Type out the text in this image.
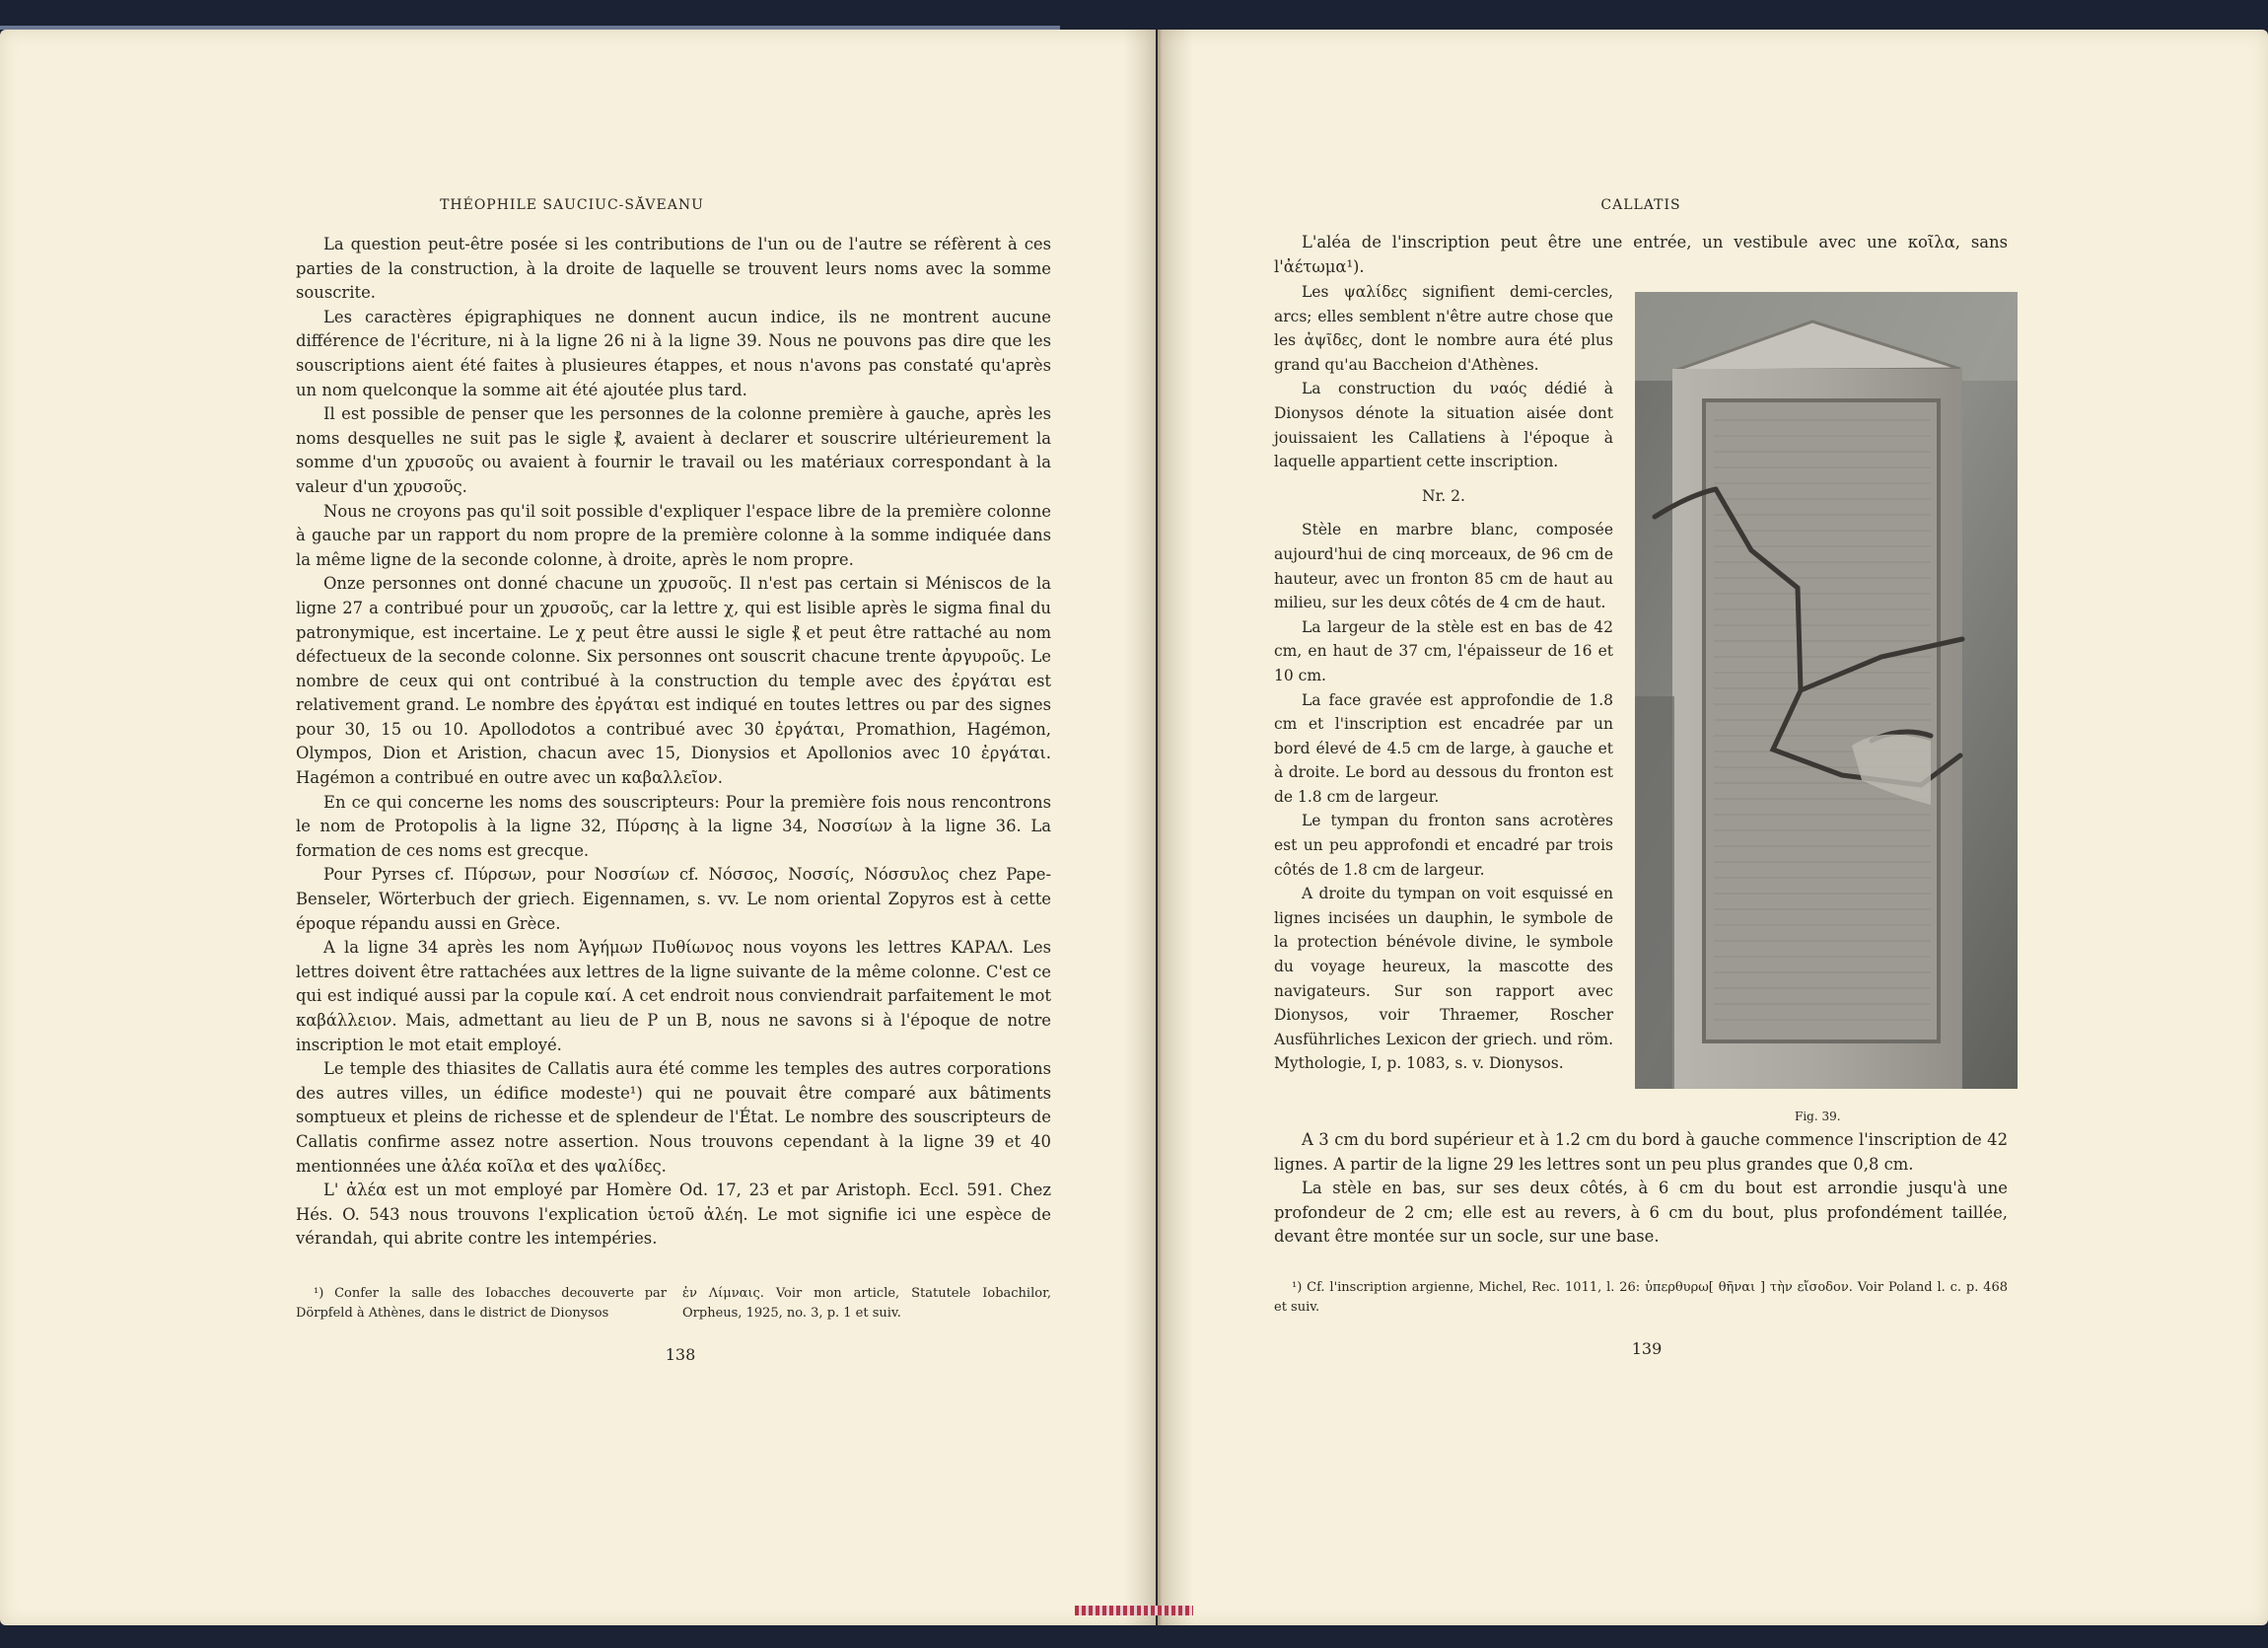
THÉOPHILE SAUCIUC-SĂVEANU

La question peut-être posée si les contributions de l'un ou de l'autre se réfèrent à ces parties de la construction, à la droite de laquelle se trouvent leurs noms avec la somme souscrite.

Les caractères épigraphiques ne donnent aucun indice, ils ne montrent aucune différence de l'écriture, ni à la ligne 26 ni à la ligne 39. Nous ne pouvons pas dire que les souscriptions aient été faites à plusieures étappes, et nous n'avons pas constaté qu'après un nom quelconque la somme ait été ajoutée plus tard.

Il est possible de penser que les personnes de la colonne première à gauche, après les noms desquelles ne suit pas le sigle ⳩, avaient à declarer et souscrire ultérieurement la somme d'un χρυσοῦς ou avaient à fournir le travail ou les matériaux correspondant à la valeur d'un χρυσοῦς.

Nous ne croyons pas qu'il soit possible d'expliquer l'espace libre de la première colonne à gauche par un rapport du nom propre de la première colonne à la somme indiquée dans la même ligne de la seconde colonne, à droite, après le nom propre.

Onze personnes ont donné chacune un χρυσοῦς. Il n'est pas certain si Méniscos de la ligne 27 a contribué pour un χρυσοῦς, car la lettre χ, qui est lisible après le sigma final du patronymique, est incertaine. Le χ peut être aussi le sigle ⳩ et peut être rattaché au nom défectueux de la seconde colonne. Six personnes ont souscrit chacune trente ἀργυροῦς. Le nombre de ceux qui ont contribué à la construction du temple avec des ἐργάται est relativement grand. Le nombre des ἐργάται est indiqué en toutes lettres ou par des signes pour 30, 15 ou 10. Apollodotos a contribué avec 30 ἐργάται, Promathion, Hagémon, Olympos, Dion et Aristion, chacun avec 15, Dionysios et Apollonios avec 10 ἐργάται. Hagémon a contribué en outre avec un καβαλλεῖον.

En ce qui concerne les noms des souscripteurs: Pour la première fois nous rencontrons le nom de Protopolis à la ligne 32, Πύρσης à la ligne 34, Νοσσίων à la ligne 36. La formation de ces noms est grecque.

Pour Pyrses cf. Πύρσων, pour Νοσσίων cf. Νόσσος, Νοσσίς, Νόσσυλος chez Pape-Benseler, Wörterbuch der griech. Eigennamen, s. vv. Le nom oriental Zopyros est à cette époque répandu aussi en Grèce.

A la ligne 34 après les nom Ἁγήμων Πυθίωνος nous voyons les lettres ΚΑΡΑΛ. Les lettres doivent être rattachées aux lettres de la ligne suivante de la même colonne. C'est ce qui est indiqué aussi par la copule καί. A cet endroit nous conviendrait parfaitement le mot καβάλλειον. Mais, admettant au lieu de P un B, nous ne savons si à l'époque de notre inscription le mot etait employé.

Le temple des thiasites de Callatis aura été comme les temples des autres corporations des autres villes, un édifice modeste¹) qui ne pouvait être comparé aux bâtiments somptueux et pleins de richesse et de splendeur de l'État. Le nombre des souscripteurs de Callatis confirme assez notre assertion. Nous trouvons cependant à la ligne 39 et 40 mentionnées une ἀλέα κοῖλα et des ψαλίδες.

L' ἀλέα est un mot employé par Homère Od. 17, 23 et par Aristoph. Eccl. 591. Chez Hés. O. 543 nous trouvons l'explication ὑετοῦ ἀλέη. Le mot signifie ici une espèce de vérandah, qui abrite contre les intempéries.

¹) Confer la salle des Iobacches decouverte par Dörpfeld à Athènes, dans le district de Dionysos

ἐν Λίμναις. Voir mon article, Statutele Iobachilor, Orpheus, 1925, no. 3, p. 1 et suiv.

138
CALLATIS

L'aléa de l'inscription peut être une entrée, un vestibule avec une κοῖλα, sans l'ἀέτωμα¹).

Les ψαλίδες signifient demi-cercles, arcs; elles semblent n'être autre chose que les ἀψῖδες, dont le nombre aura été plus grand qu'au Baccheion d'Athènes.

La construction du ναός dédié à Dionysos dénote la situation aisée dont jouissaient les Callatiens à l'époque à laquelle appartient cette inscription.

Nr. 2.

Stèle en marbre blanc, composée aujourd'hui de cinq morceaux, de 96 cm de hauteur, avec un fronton 85 cm de haut au milieu, sur les deux côtés de 4 cm de haut.

La largeur de la stèle est en bas de 42 cm, en haut de 37 cm, l'épaisseur de 16 et 10 cm.

La face gravée est approfondie de 1.8 cm et l'inscription est encadrée par un bord élevé de 4.5 cm de large, à gauche et à droite. Le bord au dessous du fronton est de 1.8 cm de largeur.

Le tympan du fronton sans acrotères est un peu approfondi et encadré par trois côtés de 1.8 cm de largeur.

A droite du tympan on voit esquissé en lignes incisées un dauphin, le symbole de la protection bénévole divine, le symbole du voyage heureux, la mascotte des navigateurs. Sur son rapport avec Dionysos, voir Thraemer, Roscher Ausführliches Lexicon der griech. und röm. Mythologie, I, p. 1083, s. v. Dionysos.

Fig. 39.

A 3 cm du bord supérieur et à 1.2 cm du bord à gauche commence l'inscription de 42 lignes. A partir de la ligne 29 les lettres sont un peu plus grandes que 0,8 cm.

La stèle en bas, sur ses deux côtés, à 6 cm du bout est arrondie jusqu'à une profondeur de 2 cm; elle est au revers, à 6 cm du bout, plus profondément taillée, devant être montée sur un socle, sur une base.

¹) Cf. l'inscription argienne, Michel, Rec. 1011, l. 26: ὑπερθυρω[ θῆναι ] τὴν εἴσοδον. Voir Poland l. c. p. 468 et suiv.

139
